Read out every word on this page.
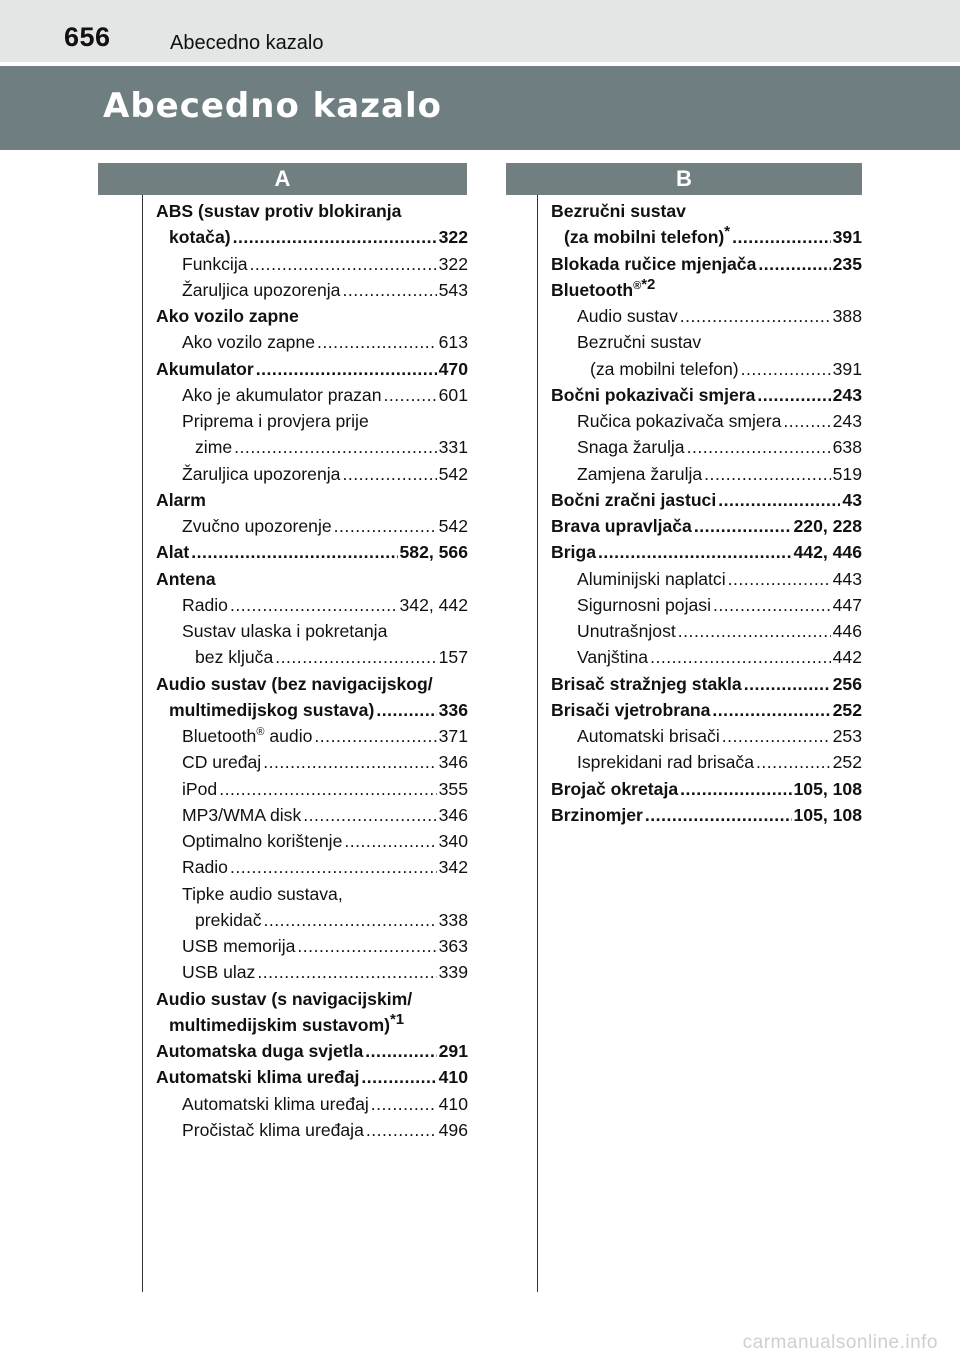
656	Abecedno kazalo
Abecedno kazalo
A	B
ABS (sustav protiv blokiranja
kotača) .....	322
Funkcija .....	322
Žaruljica upozorenja .....	543
Ako vozilo zapne
Ako vozilo zapne .....	613
Akumulator .....	470
Ako je akumulator prazan .....	601
Priprema i provjera prije
zime .....	331
Žaruljica upozorenja .....	542
Alarm
Zvučno upozorenje .....	542
Alat .....	582, 566
Antena
Radio .....	342, 442
Sustav ulaska i pokretanja
bez ključa .....	157
Audio sustav (bez navigacijskog/
multimedijskog sustava) .....	336
Bluetooth® audio .....	371
CD uređaj .....	346
iPod .....	355
MP3/WMA disk .....	346
Optimalno korištenje .....	340
Radio .....	342
Tipke audio sustava,
prekidač .....	338
USB memorija .....	363
USB ulaz .....	339
Audio sustav (s navigacijskim/
multimedijskim sustavom)$^{*1}$
Automatska duga svjetla .....	291
Automatski klima uređaj .....	410
Automatski klima uređaj .....	410
Pročistač klima uređaja .....	496
Bezručni sustav
(za mobilni telefon)* .....	391
Blokada ručice mjenjača .....	235
Bluetooth$^{®*2}$
Audio sustav .....	388
Bezručni sustav
(za mobilni telefon) .....	391
Bočni pokazivači smjera .....	243
Ručica pokazivača smjera .....	243
Snaga žarulja .....	638
Zamjena žarulja .....	519
Bočni zračni jastuci .....	43
Brava upravljača .....	220, 228
Briga .....	442, 446
Aluminijski naplatci .....	443
Sigurnosni pojasi .....	447
Unutrašnjost .....	446
Vanjština .....	442
Brisač stražnjeg stakla .....	256
Brisači vjetrobrana .....	252
Automatski brisači .....	253
Isprekidani rad brisača .....	252
Brojač okretaja .....	105, 108
Brzinomjer .....	105, 108
carmanualsonline.info
